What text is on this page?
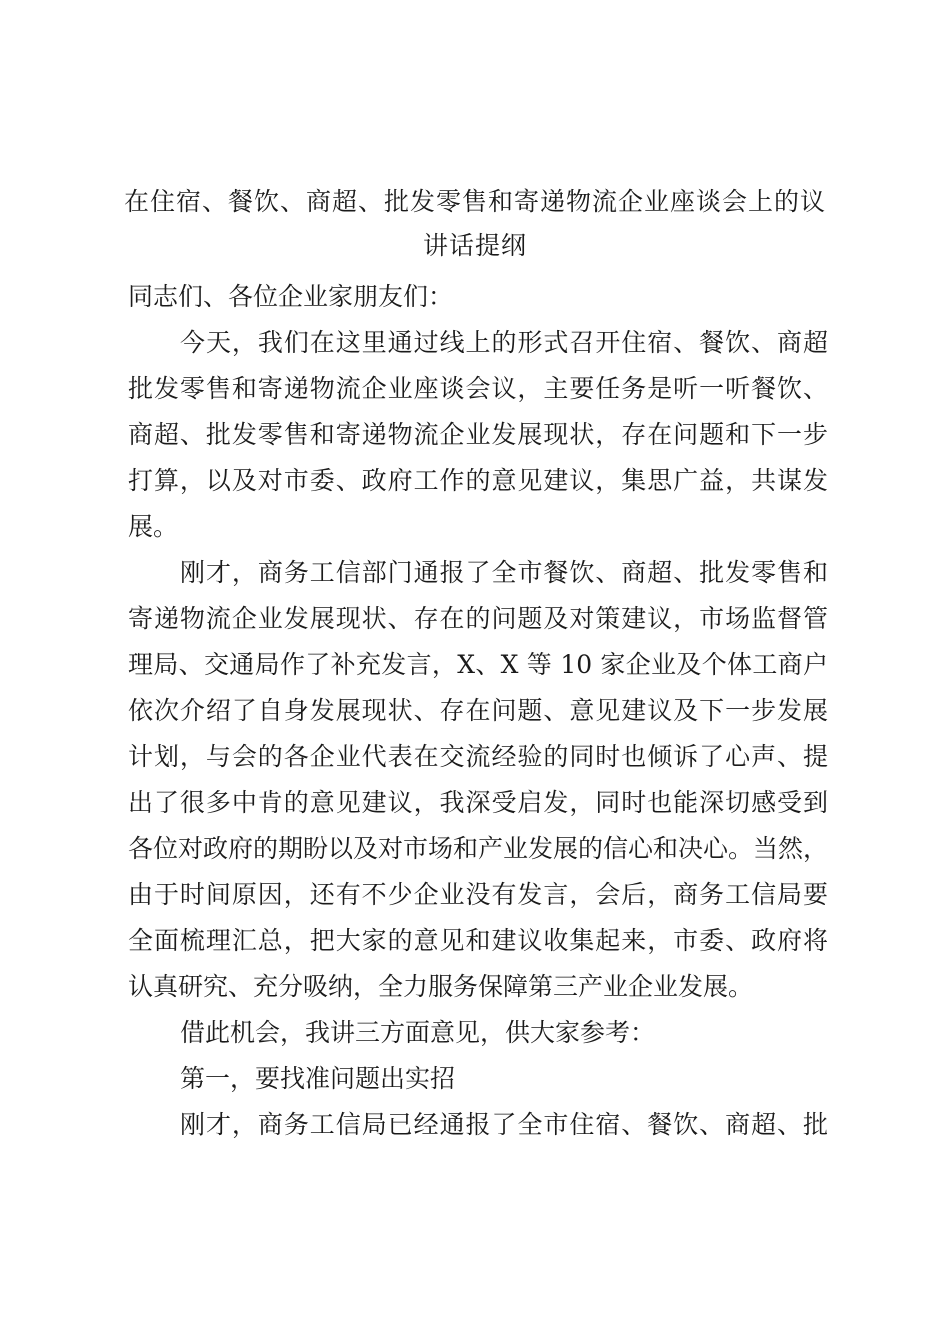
在住宿、餐饮、商超、批发零售和寄递物流企业座谈会上的议
讲话提纲
同志们、各位企业家朋友们：
今天，我们在这里通过线上的形式召开住宿、餐饮、商超
批发零售和寄递物流企业座谈会议，主要任务是听一听餐饮、
商超、批发零售和寄递物流企业发展现状，存在问题和下一步
打算，以及对市委、政府工作的意见建议，集思广益，共谋发
展。
刚才，商务工信部门通报了全市餐饮、商超、批发零售和
寄递物流企业发展现状、存在的问题及对策建议，市场监督管
理局、交通局作了补充发言，X、X 等 10 家企业及个体工商户
依次介绍了自身发展现状、存在问题、意见建议及下一步发展
计划，与会的各企业代表在交流经验的同时也倾诉了心声、提
出了很多中肯的意见建议，我深受启发，同时也能深切感受到
各位对政府的期盼以及对市场和产业发展的信心和决心。当然，
由于时间原因，还有不少企业没有发言，会后，商务工信局要
全面梳理汇总，把大家的意见和建议收集起来，市委、政府将
认真研究、充分吸纳，全力服务保障第三产业企业发展。
借此机会，我讲三方面意见，供大家参考：
第一，要找准问题出实招
刚才，商务工信局已经通报了全市住宿、餐饮、商超、批
